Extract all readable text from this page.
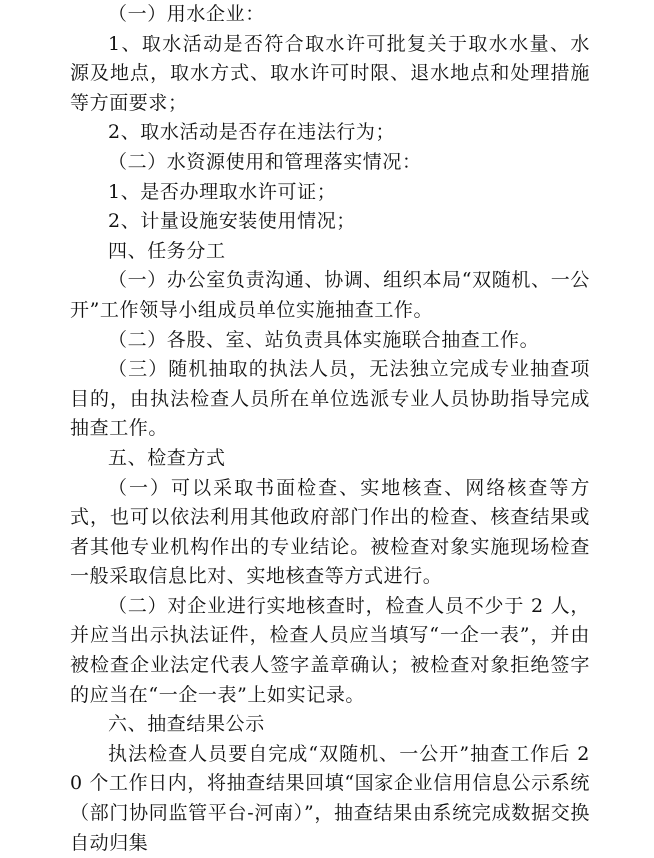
（一）用水企业：

1、取水活动是否符合取水许可批复关于取水水量、水源及地点，取水方式、取水许可时限、退水地点和处理措施等方面要求；

2、取水活动是否存在违法行为；

（二）水资源使用和管理落实情况：

1、是否办理取水许可证；

2、计量设施安装使用情况；

四、任务分工

（一）办公室负责沟通、协调、组织本局“双随机、一公开”工作领导小组成员单位实施抽查工作。

（二）各股、室、站负责具体实施联合抽查工作。

（三）随机抽取的执法人员，无法独立完成专业抽查项目的，由执法检查人员所在单位选派专业人员协助指导完成抽查工作。

五、检查方式

（一）可以采取书面检查、实地核查、网络核查等方式，也可以依法利用其他政府部门作出的检查、核查结果或者其他专业机构作出的专业结论。被检查对象实施现场检查一般采取信息比对、实地核查等方式进行。

（二）对企业进行实地核查时，检查人员不少于 2 人，并应当出示执法证件，检查人员应当填写“一企一表”，并由被检查企业法定代表人签字盖章确认；被检查对象拒绝签字的应当在“一企一表”上如实记录。

六、抽查结果公示

执法检查人员要自完成“双随机、一公开”抽查工作后 20 个工作日内，将抽查结果回填“国家企业信用信息公示系统（部门协同监管平台-河南）”，抽查结果由系统完成数据交换自动归集
